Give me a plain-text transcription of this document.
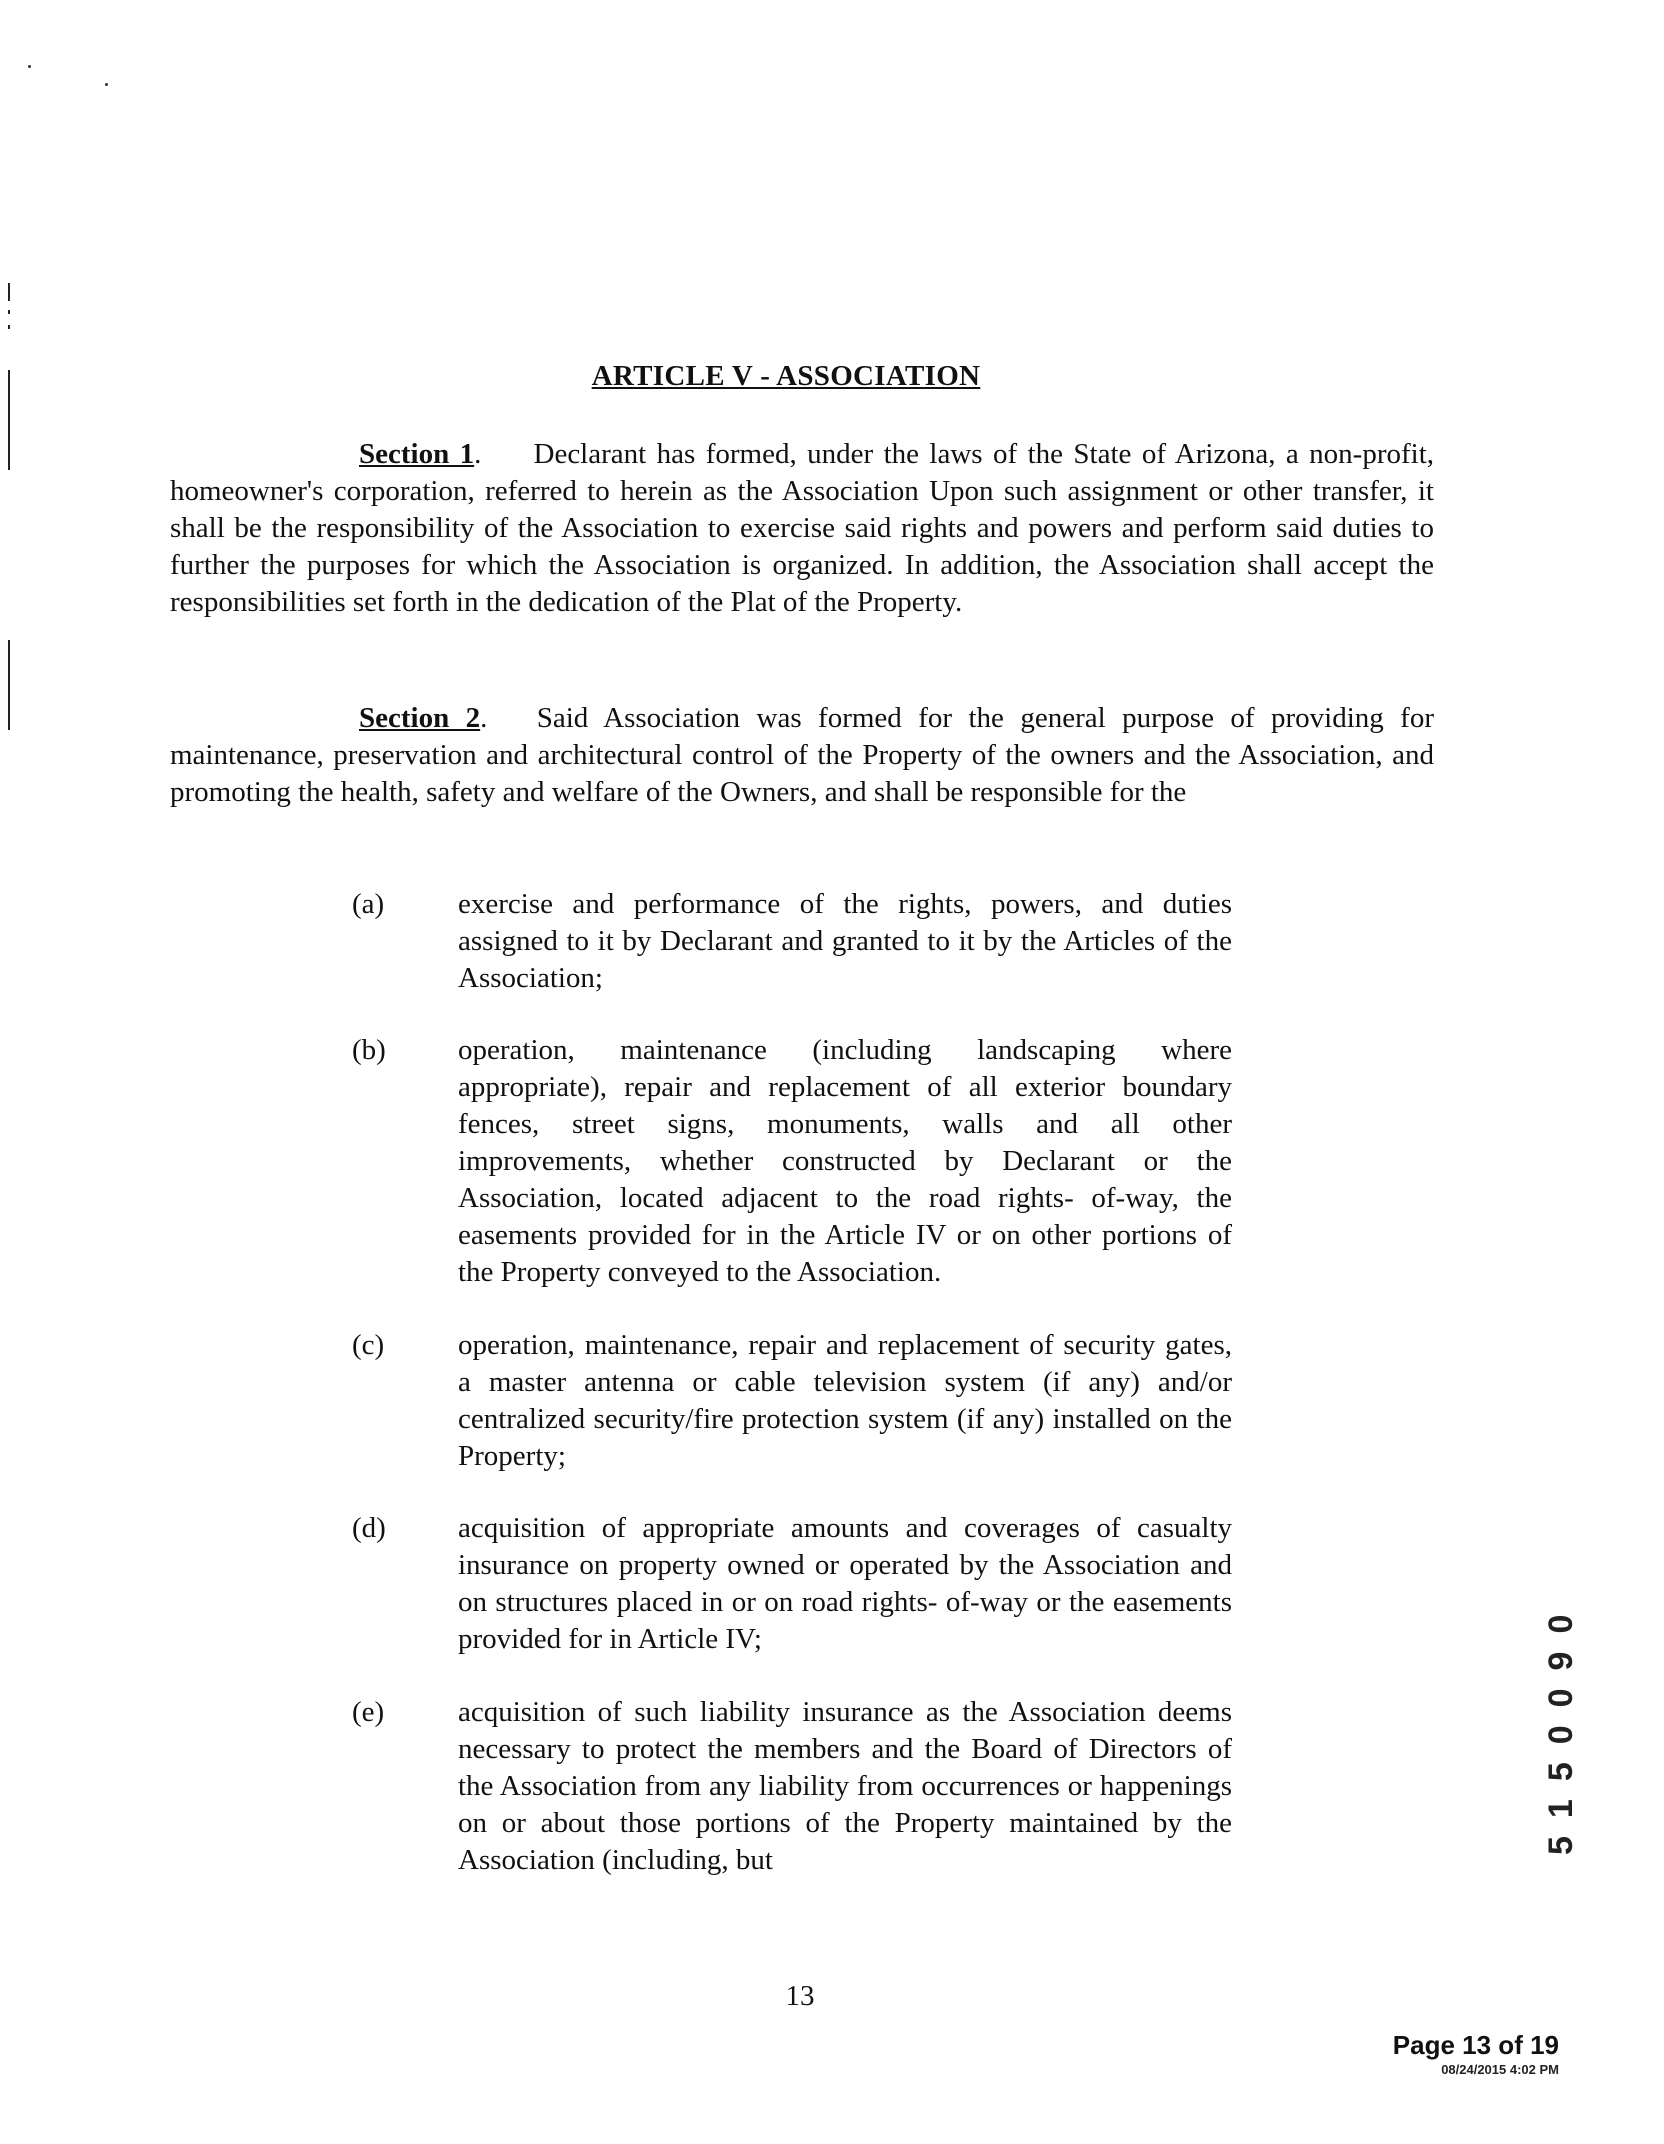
ARTICLE V - ASSOCIATION
Section 1.     Declarant has formed, under the laws of the State of Arizona, a non-profit, homeowner's corporation, referred to herein as the Association Upon such assignment or other transfer, it shall be the responsibility of the Association to exercise said rights and powers and perform said duties to further the purposes for which the Association is organized. In addition, the Association shall accept the responsibilities set forth in the dedication of the Plat of the Property.
Section 2.   Said Association was formed for the general purpose of providing for maintenance, preservation and architectural control of the Property of the owners and the Association, and promoting the health, safety and welfare of the Owners, and shall be responsible for the
(a)	exercise and performance of the rights, powers, and duties assigned to it by Declarant and granted to it by the Articles of the Association;
(b) operation, maintenance (including landscaping where appropriate), repair and replacement of all exterior boundary fences, street signs, monuments, walls and all other improvements, whether constructed by Declarant or the Association, located adjacent to the road rights- of-way, the easements provided for in the Article IV or on other portions of the Property conveyed to the Association.
(c)	operation, maintenance, repair and replacement of security gates, a master antenna or cable television system (if any) and/or centralized security/fire protection system (if any) installed on the Property;
(d) acquisition of appropriate amounts and coverages of casualty insurance on property owned or operated by the Association and on structures placed in or on road rights- of-way or the easements provided for in Article IV;
(e)	acquisition of such liability insurance as the Association deems necessary to protect the members and the Board of Directors of the Association from any liability from occurrences or happenings on or about those portions of the Property maintained by the Association (including, but
13
5150090
Page 13 of 19
08/24/2015 4:02 PM
